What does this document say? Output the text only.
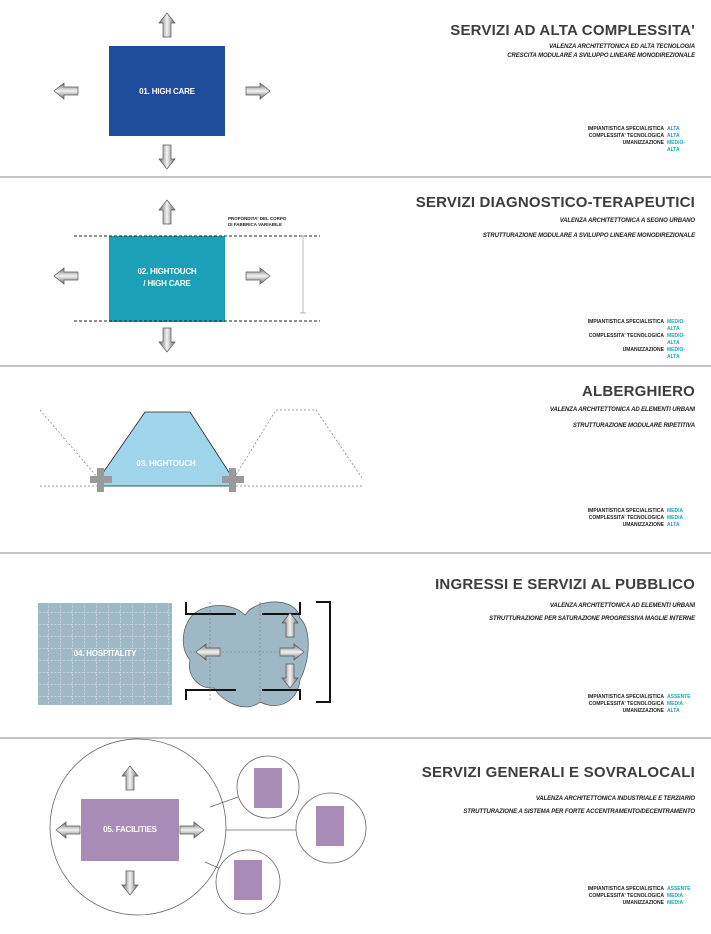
01. HIGH CARE
SERVIZI AD ALTA COMPLESSITA'
VALENZA ARCHITETTONICA ED ALTA TECNOLOGIA
CRESCITA MODULARE A SVILUPPO LINEARE MONODIREZIONALE
IMPIANTISTICA SPECIALISTICA ALTA
COMPLESSITA' TECNOLOGICA ALTA
UMANIZZAZIONE MEDIO-ALTA
02. HIGHTOUCH
/ HIGH CARE
PROFONDITA' DEL CORPO
DI FABBRICA VARIABILE
SERVIZI DIAGNOSTICO-TERAPEUTICI
VALENZA ARCHITETTONICA A SEGNO URBANO
STRUTTURAZIONE MODULARE A SVILUPPO LINEARE MONODIREZIONALE
IMPIANTISTICA SPECIALISTICA MEDIO-ALTA
COMPLESSITA' TECNOLOGICA MEDIO-ALTA
UMANIZZAZIONE MEDIO-ALTA
03. HIGHTOUCH
ALBERGHIERO
VALENZA ARCHITETTONICA AD ELEMENTI URBANI
STRUTTURAZIONE MODULARE RIPETITIVA
IMPIANTISTICA SPECIALISTICA MEDIA
COMPLESSITA' TECNOLOGICA MEDIA
UMANIZZAZIONE ALTA
04. HOSPITALITY
INGRESSI E SERVIZI AL PUBBLICO
VALENZA ARCHITETTONICA AD ELEMENTI URBANI
STRUTTURAZIONE PER SATURAZIONE PROGRESSIVA MAGLIE INTERNE
IMPIANTISTICA SPECIALISTICA ASSENTE
COMPLESSITA' TECNOLOGICA MEDIA
UMANIZZAZIONE ALTA
05. FACILITIES
SERVIZI GENERALI E SOVRALOCALI
VALENZA ARCHITETTONICA INDUSTRIALE E TERZIARIO
STRUTTURAZIONE A SISTEMA PER FORTE ACCENTRAMENTO/DECENTRAMENTO
IMPIANTISTICA SPECIALISTICA ASSENTE
COMPLESSITA' TECNOLOGICA MEDIA
UMANIZZAZIONE MEDIA
